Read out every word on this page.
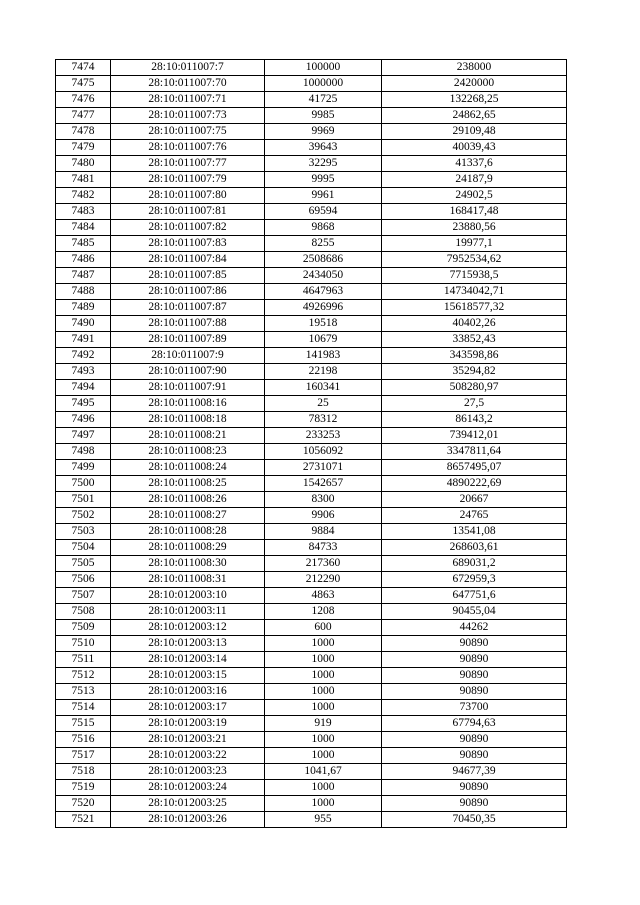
7474	28:10:011007:7	100000	238000
7475	28:10:011007:70	1000000	2420000
7476	28:10:011007:71	41725	132268,25
7477	28:10:011007:73	9985	24862,65
7478	28:10:011007:75	9969	29109,48
7479	28:10:011007:76	39643	40039,43
7480	28:10:011007:77	32295	41337,6
7481	28:10:011007:79	9995	24187,9
7482	28:10:011007:80	9961	24902,5
7483	28:10:011007:81	69594	168417,48
7484	28:10:011007:82	9868	23880,56
7485	28:10:011007:83	8255	19977,1
7486	28:10:011007:84	2508686	7952534,62
7487	28:10:011007:85	2434050	7715938,5
7488	28:10:011007:86	4647963	14734042,71
7489	28:10:011007:87	4926996	15618577,32
7490	28:10:011007:88	19518	40402,26
7491	28:10:011007:89	10679	33852,43
7492	28:10:011007:9	141983	343598,86
7493	28:10:011007:90	22198	35294,82
7494	28:10:011007:91	160341	508280,97
7495	28:10:011008:16	25	27,5
7496	28:10:011008:18	78312	86143,2
7497	28:10:011008:21	233253	739412,01
7498	28:10:011008:23	1056092	3347811,64
7499	28:10:011008:24	2731071	8657495,07
7500	28:10:011008:25	1542657	4890222,69
7501	28:10:011008:26	8300	20667
7502	28:10:011008:27	9906	24765
7503	28:10:011008:28	9884	13541,08
7504	28:10:011008:29	84733	268603,61
7505	28:10:011008:30	217360	689031,2
7506	28:10:011008:31	212290	672959,3
7507	28:10:012003:10	4863	647751,6
7508	28:10:012003:11	1208	90455,04
7509	28:10:012003:12	600	44262
7510	28:10:012003:13	1000	90890
7511	28:10:012003:14	1000	90890
7512	28:10:012003:15	1000	90890
7513	28:10:012003:16	1000	90890
7514	28:10:012003:17	1000	73700
7515	28:10:012003:19	919	67794,63
7516	28:10:012003:21	1000	90890
7517	28:10:012003:22	1000	90890
7518	28:10:012003:23	1041,67	94677,39
7519	28:10:012003:24	1000	90890
7520	28:10:012003:25	1000	90890
7521	28:10:012003:26	955	70450,35
